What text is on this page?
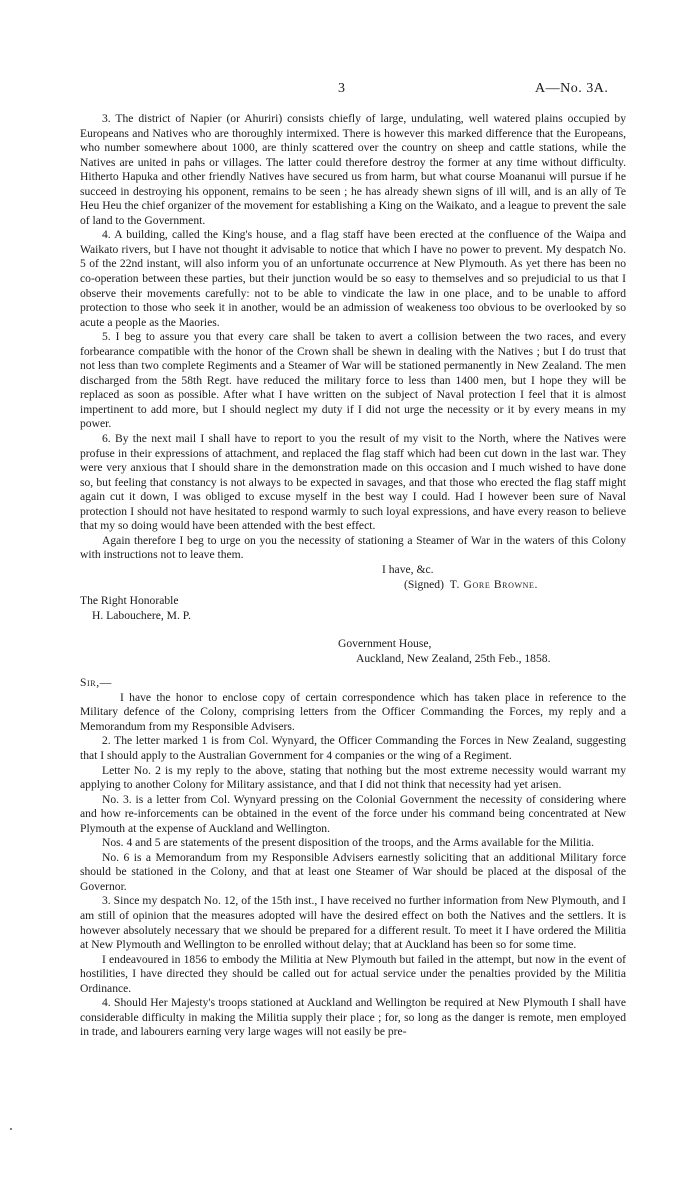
3	A—No. 3A.

3. The district of Napier (or Ahuriri) consists chiefly of large, undulating, well watered plains occupied by Europeans and Natives who are thoroughly intermixed. There is however this marked difference that the Europeans, who number somewhere about 1000, are thinly scattered over the country on sheep and cattle stations, while the Natives are united in pahs or villages. The latter could therefore destroy the former at any time without difficulty. Hitherto Hapuka and other friendly Natives have secured us from harm, but what course Moananui will pursue if he succeed in destroying his opponent, remains to be seen ; he has already shewn signs of ill will, and is an ally of Te Heu Heu the chief organizer of the movement for establishing a King on the Waikato, and a league to prevent the sale of land to the Government.

4. A building, called the King's house, and a flag staff have been erected at the confluence of the Waipa and Waikato rivers, but I have not thought it advisable to notice that which I have no power to prevent. My despatch No. 5 of the 22nd instant, will also inform you of an unfortunate occurrence at New Plymouth. As yet there has been no co-operation between these parties, but their junction would be so easy to themselves and so prejudicial to us that I observe their movements carefully: not to be able to vindicate the law in one place, and to be unable to afford protection to those who seek it in another, would be an admission of weakeness too obvious to be overlooked by so acute a people as the Maories.

5. I beg to assure you that every care shall be taken to avert a collision between the two races, and every forbearance compatible with the honor of the Crown shall be shewn in dealing with the Natives ; but I do trust that not less than two complete Regiments and a Steamer of War will be stationed permanently in New Zealand. The men discharged from the 58th Regt. have reduced the military force to less than 1400 men, but I hope they will be replaced as soon as possible. After what I have written on the subject of Naval protection I feel that it is almost impertinent to add more, but I should neglect my duty if I did not urge the necessity or it by every means in my power.

6. By the next mail I shall have to report to you the result of my visit to the North, where the Natives were profuse in their expressions of attachment, and replaced the flag staff which had been cut down in the last war. They were very anxious that I should share in the demonstration made on this occasion and I much wished to have done so, but feeling that constancy is not always to be expected in savages, and that those who erected the flag staff might again cut it down, I was obliged to excuse myself in the best way I could. Had I however been sure of Naval protection I should not have hesitated to respond warmly to such loyal expressions, and have every reason to believe that my so doing would have been attended with the best effect.

Again therefore I beg to urge on you the necessity of stationing a Steamer of War in the waters of this Colony with instructions not to leave them.

I have, &c.

(Signed) T. Gore Browne.

The Right Honorable

H. Labouchere, M. P.

Government House,

Auckland, New Zealand, 25th Feb., 1858.

Sir,—

I have the honor to enclose copy of certain correspondence which has taken place in reference to the Military defence of the Colony, comprising letters from the Officer Commanding the Forces, my reply and a Memorandum from my Responsible Advisers.

2. The letter marked 1 is from Col. Wynyard, the Officer Commanding the Forces in New Zealand, suggesting that I should apply to the Australian Government for 4 companies or the wing of a Regiment.

Letter No. 2 is my reply to the above, stating that nothing but the most extreme necessity would warrant my applying to another Colony for Military assistance, and that I did not think that necessity had yet arisen.

No. 3. is a letter from Col. Wynyard pressing on the Colonial Government the necessity of considering where and how re-inforcements can be obtained in the event of the force under his command being concentrated at New Plymouth at the expense of Auckland and Wellington.

Nos. 4 and 5 are statements of the present disposition of the troops, and the Arms available for the Militia.

No. 6 is a Memorandum from my Responsible Advisers earnestly soliciting that an additional Military force should be stationed in the Colony, and that at least one Steamer of War should be placed at the disposal of the Governor.

3. Since my despatch No. 12, of the 15th inst., I have received no further information from New Plymouth, and I am still of opinion that the measures adopted will have the desired effect on both the Natives and the settlers. It is however absolutely necessary that we should be prepared for a different result. To meet it I have ordered the Militia at New Plymouth and Wellington to be enrolled without delay; that at Auckland has been so for some time.

I endeavoured in 1856 to embody the Militia at New Plymouth but failed in the attempt, but now in the event of hostilities, I have directed they should be called out for actual service under the penalties provided by the Militia Ordinance.

4. Should Her Majesty's troops stationed at Auckland and Wellington be required at New Plymouth I shall have considerable difficulty in making the Militia supply their place ; for, so long as the danger is remote, men employed in trade, and labourers earning very large wages will not easily be pre-
